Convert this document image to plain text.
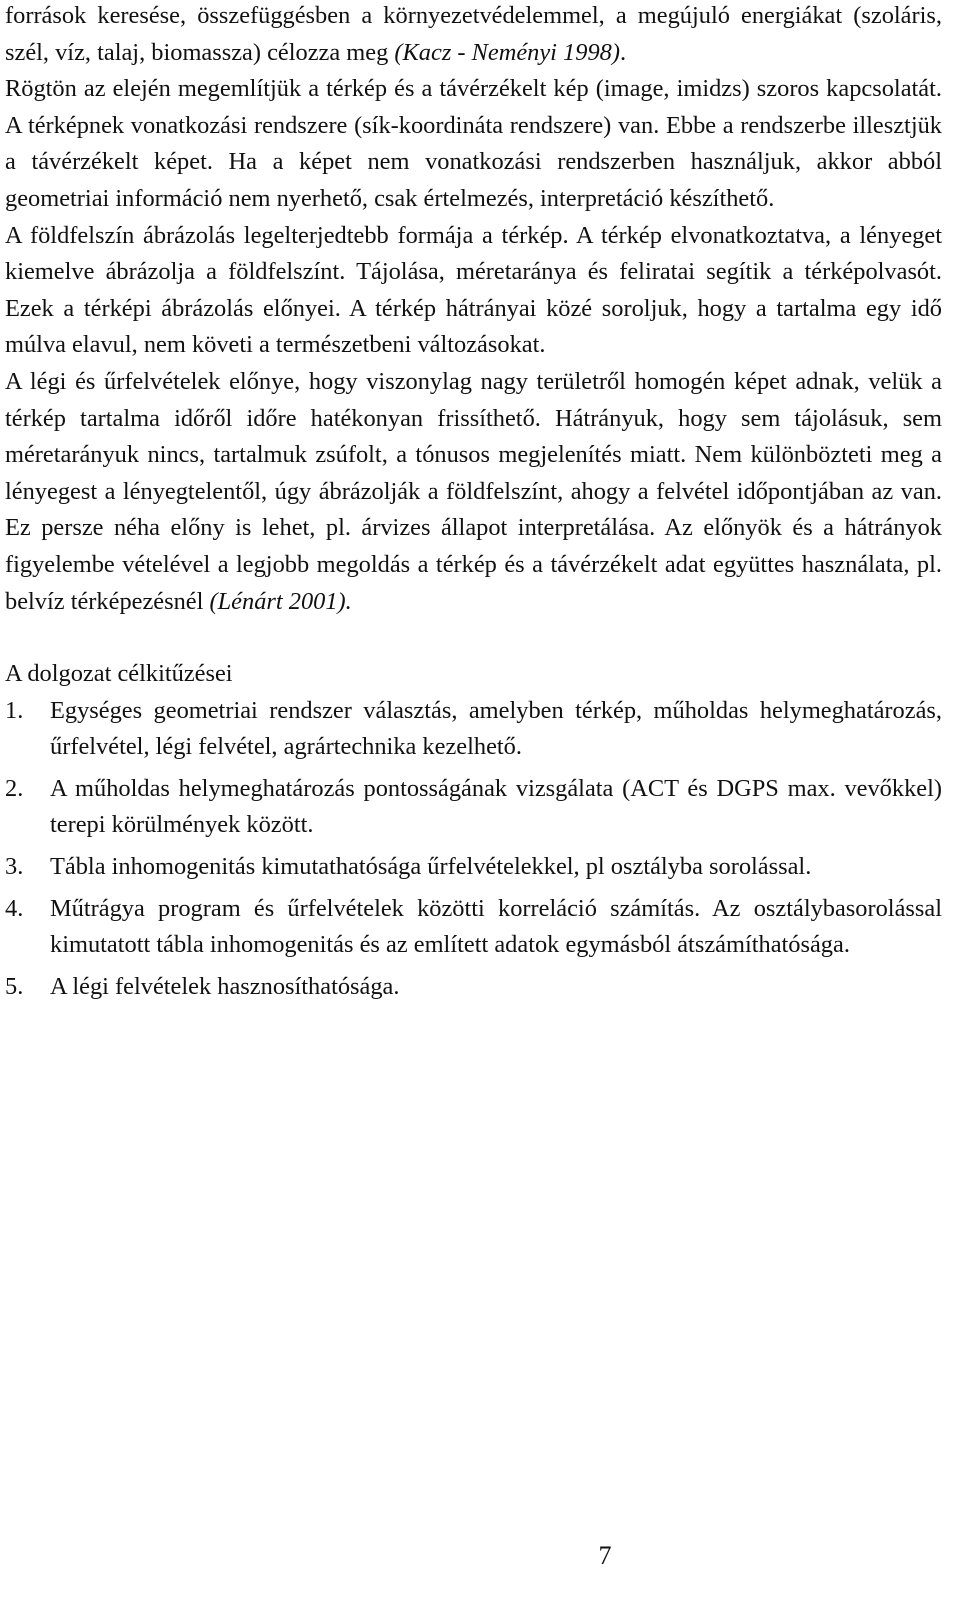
források keresése, összefüggésben a környezetvédelemmel, a megújuló energiákat (szoláris, szél, víz, talaj, biomassza) célozza meg (Kacz - Neményi 1998).

Rögtön az elején megemlítjük a térkép és a távérzékelt kép (image, imidzs) szoros kapcsolatát. A térképnek vonatkozási rendszere (sík-koordináta rendszere) van. Ebbe a rendszerbe illesztjük a távérzékelt képet. Ha a képet nem vonatkozási rendszerben használjuk, akkor abból geometriai információ nem nyerhető, csak értelmezés, interpretáció készíthető.

A földfelszín ábrázolás legelterjedtebb formája a térkép. A térkép elvonatkoztatva, a lényeget kiemelve ábrázolja a földfelszínt. Tájolása, méretaránya és feliratai segítik a térképolvasót. Ezek a térképi ábrázolás előnyei. A térkép hátrányai közé soroljuk, hogy a tartalma egy idő múlva elavul, nem követi a természetbeni változásokat.

A légi és űrfelvételek előnye, hogy viszonylag nagy területről homogén képet adnak, velük a térkép tartalma időről időre hatékonyan frissíthető. Hátrányuk, hogy sem tájolásuk, sem méretarányuk nincs, tartalmuk zsúfolt, a tónusos megjelenítés miatt. Nem különbözteti meg a lényegest a lényegtelentől, úgy ábrázolják a földfelszínt, ahogy a felvétel időpontjában az van. Ez persze néha előny is lehet, pl. árvizes állapot interpretálása. Az előnyök és a hátrányok figyelembe vételével a legjobb megoldás a térkép és a távérzékelt adat együttes használata, pl. belvíz térképezésnél (Lénárt 2001).

A dolgozat célkitűzései
1. Egységes geometriai rendszer választás, amelyben térkép, műholdas helymeghatározás, űrfelvétel, légi felvétel, agrártechnika kezelhető.
2. A műholdas helymeghatározás pontosságának vizsgálata (ACT és DGPS max. vevőkkel) terepi körülmények között.
3. Tábla inhomogenitás kimutathatósága űrfelvételekkel, pl osztályba sorolással.
4. Műtrágya program és űrfelvételek közötti korreláció számítás. Az osztálybasorolással kimutatott tábla inhomogenitás és az említett adatok egymásból átszámíthatósága.
5. A légi felvételek hasznosíthatósága.
7
